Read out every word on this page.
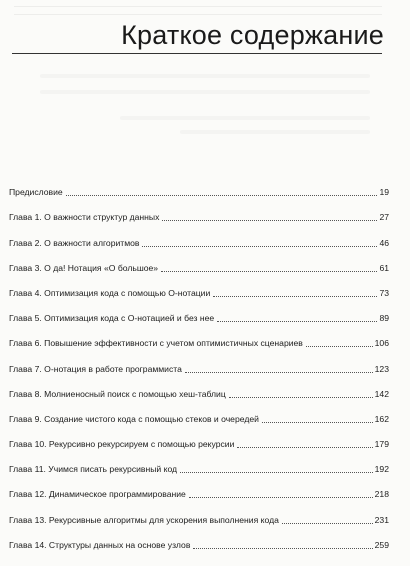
Краткое содержание
Предисловие	19
Глава 1. О важности структур данных	27
Глава 2. О важности алгоритмов	46
Глава 3. О да! Нотация «О большое»	61
Глава 4. Оптимизация кода с помощью О-нотации	73
Глава 5. Оптимизация кода с О-нотацией и без нее	89
Глава 6. Повышение эффективности с учетом оптимистичных сценариев	106
Глава 7. О-нотация в работе программиста	123
Глава 8. Молниеносный поиск с помощью хеш-таблиц	142
Глава 9. Создание чистого кода с помощью стеков и очередей	162
Глава 10. Рекурсивно рекурсируем с помощью рекурсии	179
Глава 11. Учимся писать рекурсивный код	192
Глава 12. Динамическое программирование	218
Глава 13. Рекурсивные алгоритмы для ускорения выполнения кода	231
Глава 14. Структуры данных на основе узлов	259
